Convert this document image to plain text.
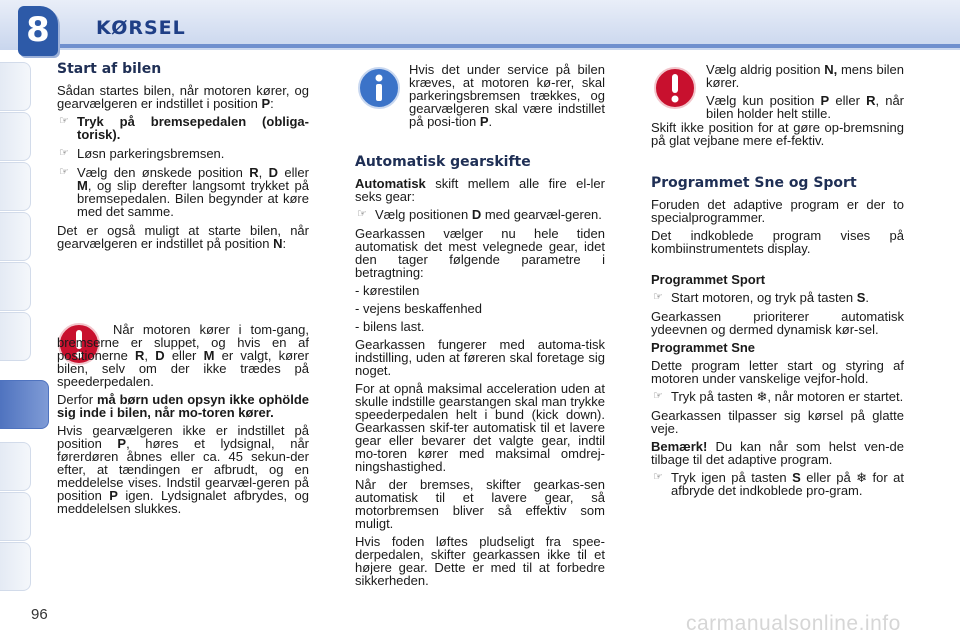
8	KØRSEL
Start af bilen

Sådan startes bilen, når motoren kører, og gearvælgeren er indstillet i position P:

☞ Tryk på bremsepedalen (obliga-torisk).
☞ Løsn parkeringsbremsen.
☞ Vælg den ønskede position R, D eller M, og slip derefter langsomt trykket på bremsepedalen. Bilen begynder at køre med det samme.

Det er også muligt at starte bilen, når gearvælgeren er indstillet på position N:

Når motoren kører i tom-gang, bremserne er sluppet, og hvis en af positionerne R, D eller M er valgt, kører bilen, selv om der ikke trædes på speederpedalen.

Derfor må børn uden opsyn ikke ophölde sig inde i bilen, når mo-toren kører.

Hvis gearvælgeren ikke er indstillet på position P, høres et lydsignal, når førerdøren åbnes eller ca. 45 sekun-der efter, at tændingen er afbrudt, og en meddelelse vises. Indstil gearvæl-geren på position P igen. Lydsignalet afbrydes, og meddelelsen slukkes.

Hvis det under service på bilen kræves, at motoren kø-rer, skal parkeringsbremsen trækkes, og gearvælgeren skal være indstillet på posi-tion P.

Automatisk gearskifte

Automatisk skift mellem alle fire el-ler seks gear:

☞ Vælg positionen D med gearvæl-geren.

Gearkassen vælger nu hele tiden automatisk det mest velegnede gear, idet den tager følgende parametre i betragtning:

- kørestilen

- vejens beskaffenhed

- bilens last.

Gearkassen fungerer med automa-tisk indstilling, uden at føreren skal foretage sig noget.

For at opnå maksimal acceleration uden at skulle indstille gearstangen skal man trykke speederpedalen helt i bund (kick down). Gearkassen skif-ter automatisk til et lavere gear eller bevarer det valgte gear, indtil mo-toren kører med maksimal omdrej-ningshastighed.

Når der bremses, skifter gearkas-sen automatisk til et lavere gear, så motorbremsen bliver så effektiv som muligt.

Hvis foden løftes pludseligt fra spee-derpedalen, skifter gearkassen ikke til et højere gear. Dette er med til at forbedre sikkerheden.

Vælg aldrig position N, mens bilen kører.

Vælg kun position P eller R, når bilen holder helt stille.

Skift ikke position for at gøre op-bremsning på glat vejbane mere ef-fektiv.

Programmet Sne og Sport

Foruden det adaptive program er der to specialprogrammer.

Det indkoblede program vises på kombiinstrumentets display.

Programmet Sport

☞ Start motoren, og tryk på tasten S.

Gearkassen prioriterer automatisk ydeevnen og dermed dynamisk kør-sel.

Programmet Sne

Dette program letter start og styring af motoren under vanskelige vejfor-hold.

☞ Tryk på tasten ❄, når motoren er startet.

Gearkassen tilpasser sig kørsel på glatte veje.

Bemærk! Du kan når som helst ven-de tilbage til det adaptive program.

☞ Tryk igen på tasten S eller på ❄ for at afbryde det indkoblede pro-gram.
96	carmanualsonline.info
